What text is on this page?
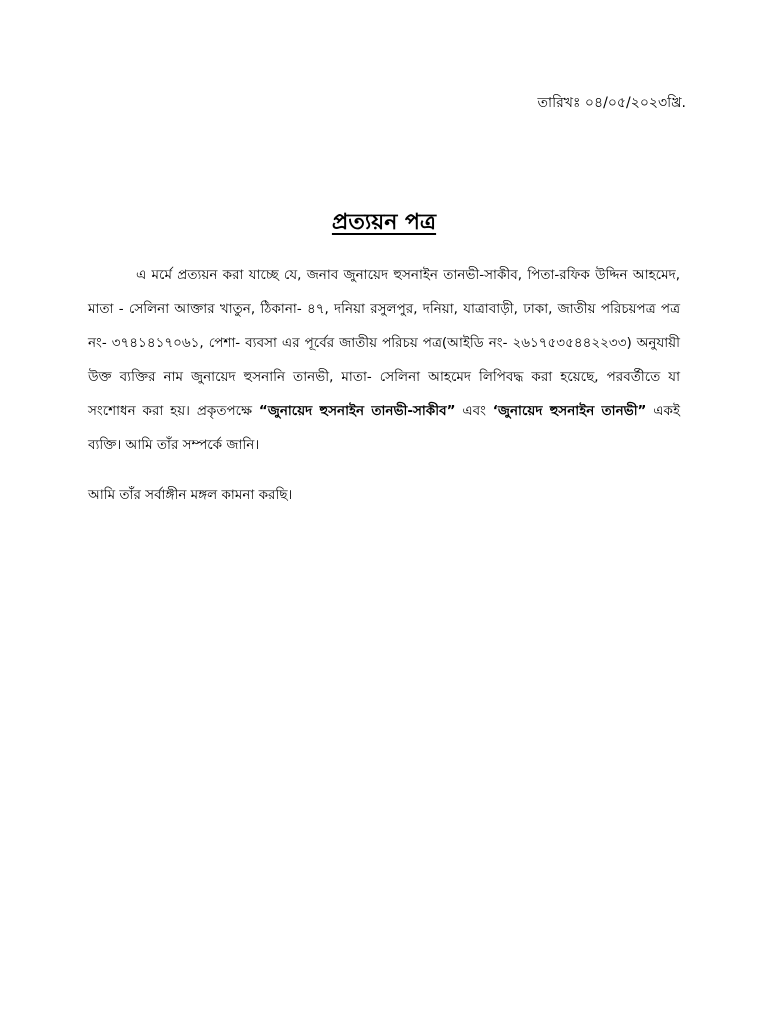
তারিখঃ ০৪/০৫/২০২৩খ্রি.
প্রত্যয়ন পত্র
এ মর্মে প্রত্যয়ন করা যাচ্ছে যে, জনাব জুনায়েদ হুসনাইন তানভী-সাকীব, পিতা-রফিক উদ্দিন আহমেদ, মাতা - সেলিনা আক্তার খাতুন, ঠিকানা- ৪৭, দনিয়া রসুলপুর, দনিয়া, যাত্রাবাড়ী, ঢাকা, জাতীয় পরিচয়পত্র পত্র নং- ৩৭৪১৪১৭০৬১, পেশা- ব্যবসা এর পূর্বের জাতীয় পরিচয় পত্র(আইডি নং- ২৬১৭৫৩৫৪৪২২৩৩) অনুযায়ী উক্ত ব্যক্তির নাম জুনায়েদ হুসনানি তানভী, মাতা- সেলিনা আহমেদ লিপিবদ্ধ করা হয়েছে, পরবর্তীতে যা সংশোধন করা হয়। প্রকৃতপক্ষে “জুনায়েদ হুসনাইন তানভী-সাকীব” এবং ‘জুনায়েদ হুসনাইন তানভী” একই ব্যক্তি। আমি তাঁর সম্পর্কে জানি।
আমি তাঁর সর্বাঙ্গীন মঙ্গল কামনা করছি।
